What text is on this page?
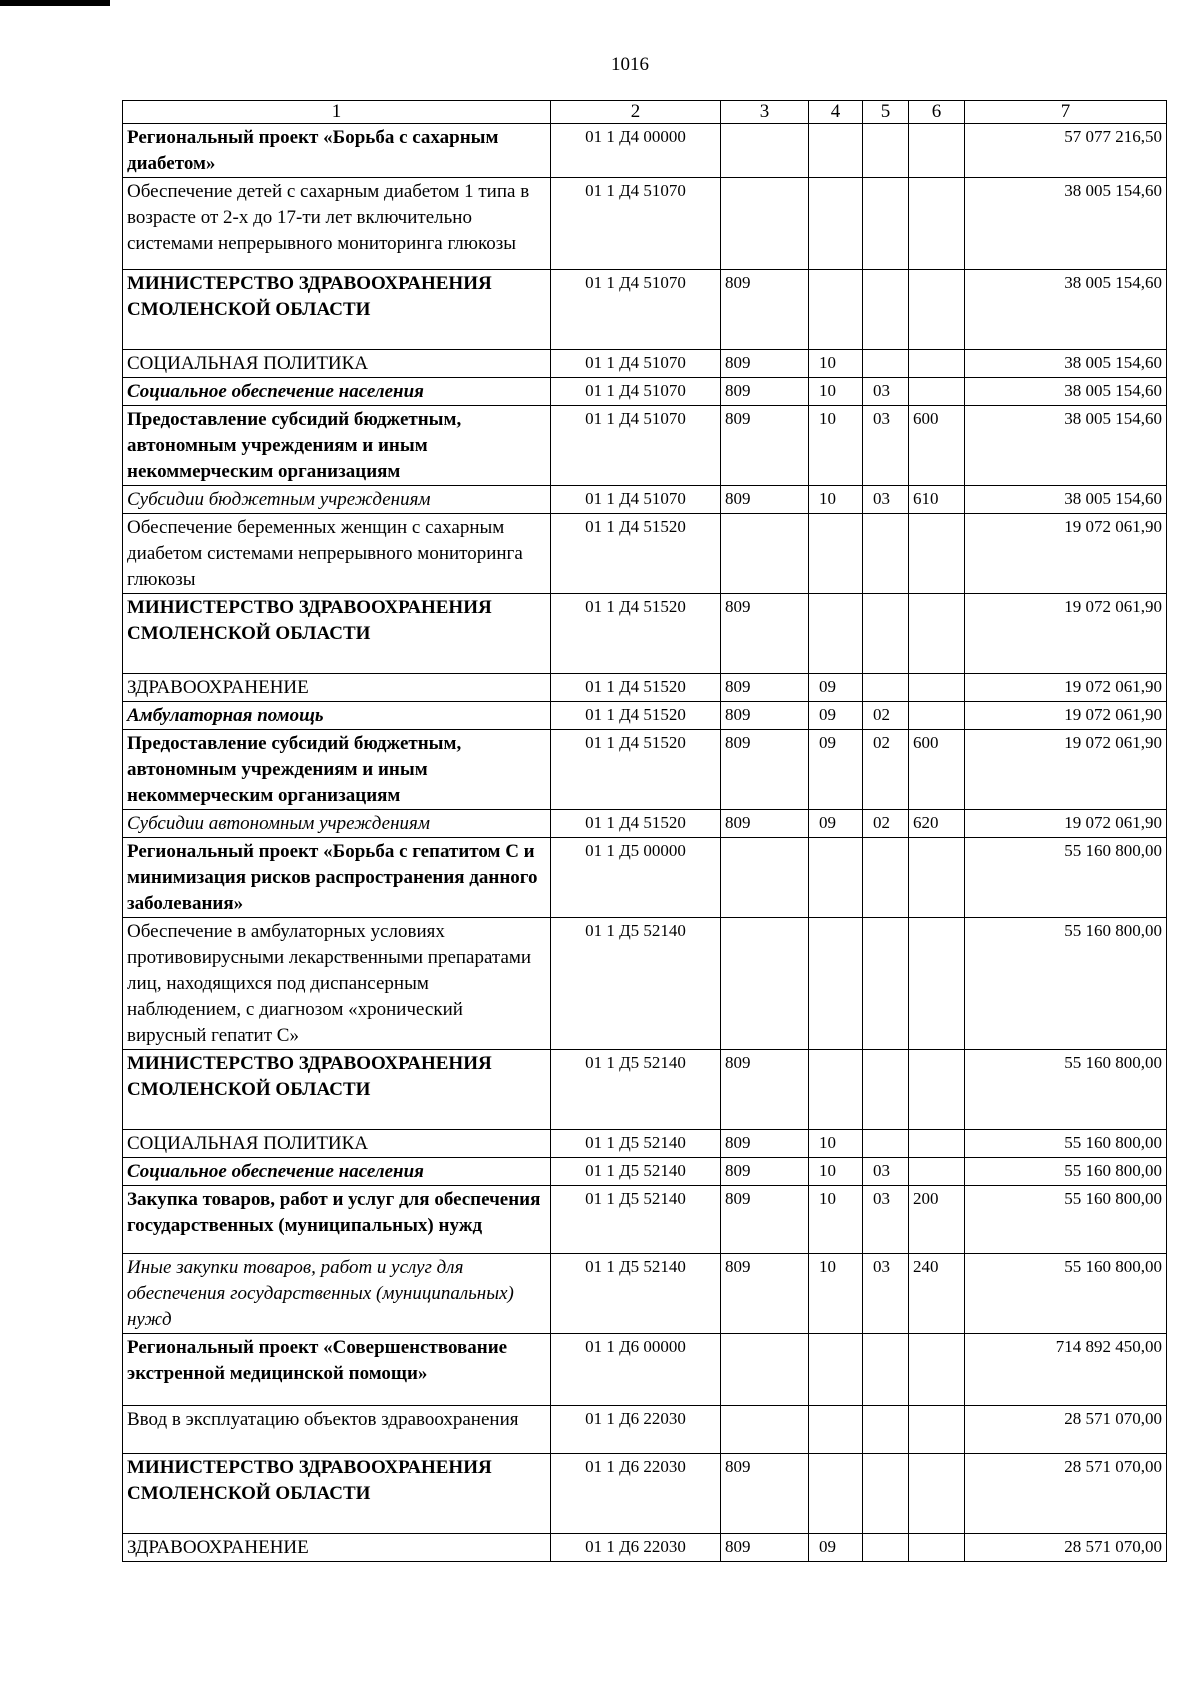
1016
1	2	3	4	5	6	7
Региональный проект «Борьба с сахарным диабетом»	01 1 Д4 00000					57 077 216,50
Обеспечение детей с сахарным диабетом 1 типа в возрасте от 2-х до 17-ти лет включительно системами непрерывного мониторинга глюкозы	01 1 Д4 51070					38 005 154,60
МИНИСТЕРСТВО ЗДРАВООХРАНЕНИЯ СМОЛЕНСКОЙ ОБЛАСТИ	01 1 Д4 51070	809				38 005 154,60
СОЦИАЛЬНАЯ ПОЛИТИКА	01 1 Д4 51070	809	10			38 005 154,60
Социальное обеспечение населения	01 1 Д4 51070	809	10	03		38 005 154,60
Предоставление субсидий бюджетным, автономным учреждениям и иным некоммерческим организациям	01 1 Д4 51070	809	10	03	600	38 005 154,60
Субсидии бюджетным учреждениям	01 1 Д4 51070	809	10	03	610	38 005 154,60
Обеспечение беременных женщин с сахарным диабетом системами непрерывного мониторинга глюкозы	01 1 Д4 51520					19 072 061,90
МИНИСТЕРСТВО ЗДРАВООХРАНЕНИЯ СМОЛЕНСКОЙ ОБЛАСТИ	01 1 Д4 51520	809				19 072 061,90
ЗДРАВООХРАНЕНИЕ	01 1 Д4 51520	809	09			19 072 061,90
Амбулаторная помощь	01 1 Д4 51520	809	09	02		19 072 061,90
Предоставление субсидий бюджетным, автономным учреждениям и иным некоммерческим организациям	01 1 Д4 51520	809	09	02	600	19 072 061,90
Субсидии автономным учреждениям	01 1 Д4 51520	809	09	02	620	19 072 061,90
Региональный проект «Борьба с гепатитом С и минимизация рисков распространения данного заболевания»	01 1 Д5 00000					55 160 800,00
Обеспечение в амбулаторных условиях противовирусными лекарственными препаратами лиц, находящихся под диспансерным наблюдением, с диагнозом «хронический вирусный гепатит С»	01 1 Д5 52140					55 160 800,00
МИНИСТЕРСТВО ЗДРАВООХРАНЕНИЯ СМОЛЕНСКОЙ ОБЛАСТИ	01 1 Д5 52140	809				55 160 800,00
СОЦИАЛЬНАЯ ПОЛИТИКА	01 1 Д5 52140	809	10			55 160 800,00
Социальное обеспечение населения	01 1 Д5 52140	809	10	03		55 160 800,00
Закупка товаров, работ и услуг для обеспечения государственных (муниципальных) нужд	01 1 Д5 52140	809	10	03	200	55 160 800,00
Иные закупки товаров, работ и услуг для обеспечения государственных (муниципальных) нужд	01 1 Д5 52140	809	10	03	240	55 160 800,00
Региональный проект «Совершенствование экстренной медицинской помощи»	01 1 Д6 00000					714 892 450,00
Ввод в эксплуатацию объектов здравоохранения	01 1 Д6 22030					28 571 070,00
МИНИСТЕРСТВО ЗДРАВООХРАНЕНИЯ СМОЛЕНСКОЙ ОБЛАСТИ	01 1 Д6 22030	809				28 571 070,00
ЗДРАВООХРАНЕНИЕ	01 1 Д6 22030	809	09			28 571 070,00
